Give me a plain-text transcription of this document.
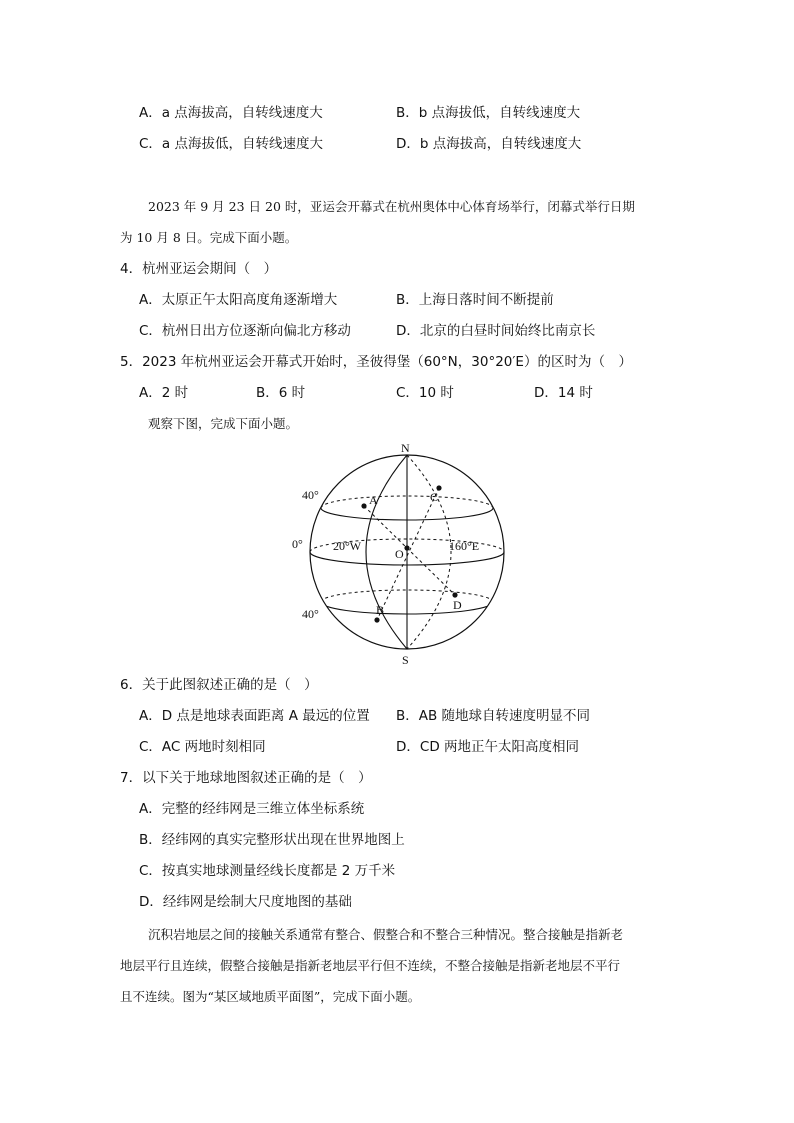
A．a 点海拔高，自转线速度大	B．b 点海拔低，自转线速度大
C．a 点海拔低，自转线速度大	D．b 点海拔高，自转线速度大
2023 年 9 月 23 日 20 时，亚运会开幕式在杭州奥体中心体育场举行，闭幕式举行日期
为 10 月 8 日。完成下面小题。
4．杭州亚运会期间（　）
A．太原正午太阳高度角逐渐增大	B．上海日落时间不断提前
C．杭州日出方位逐渐向偏北方移动	D．北京的白昼时间始终比南京长
5．2023 年杭州亚运会开幕式开始时，圣彼得堡（60°N，30°20′E）的区时为（　）
A．2 时	B．6 时	C．10 时	D．14 时
观察下图，完成下面小题。
N
S
A	C
O
D
B
40°
0°
40°
20°W	160°E
6．关于此图叙述正确的是（　）
A．D 点是地球表面距离 A 最远的位置 B．AB 随地球自转速度明显不同
C．AC 两地时刻相同	D．CD 两地正午太阳高度相同
7．以下关于地球地图叙述正确的是（　）
A．完整的经纬网是三维立体坐标系统
B．经纬网的真实完整形状出现在世界地图上
C．按真实地球测量经线长度都是 2 万千米
D．经纬网是绘制大尺度地图的基础
沉积岩地层之间的接触关系通常有整合、假整合和不整合三种情况。整合接触是指新老
地层平行且连续，假整合接触是指新老地层平行但不连续，不整合接触是指新老地层不平行
且不连续。图为“某区域地质平面图”，完成下面小题。
